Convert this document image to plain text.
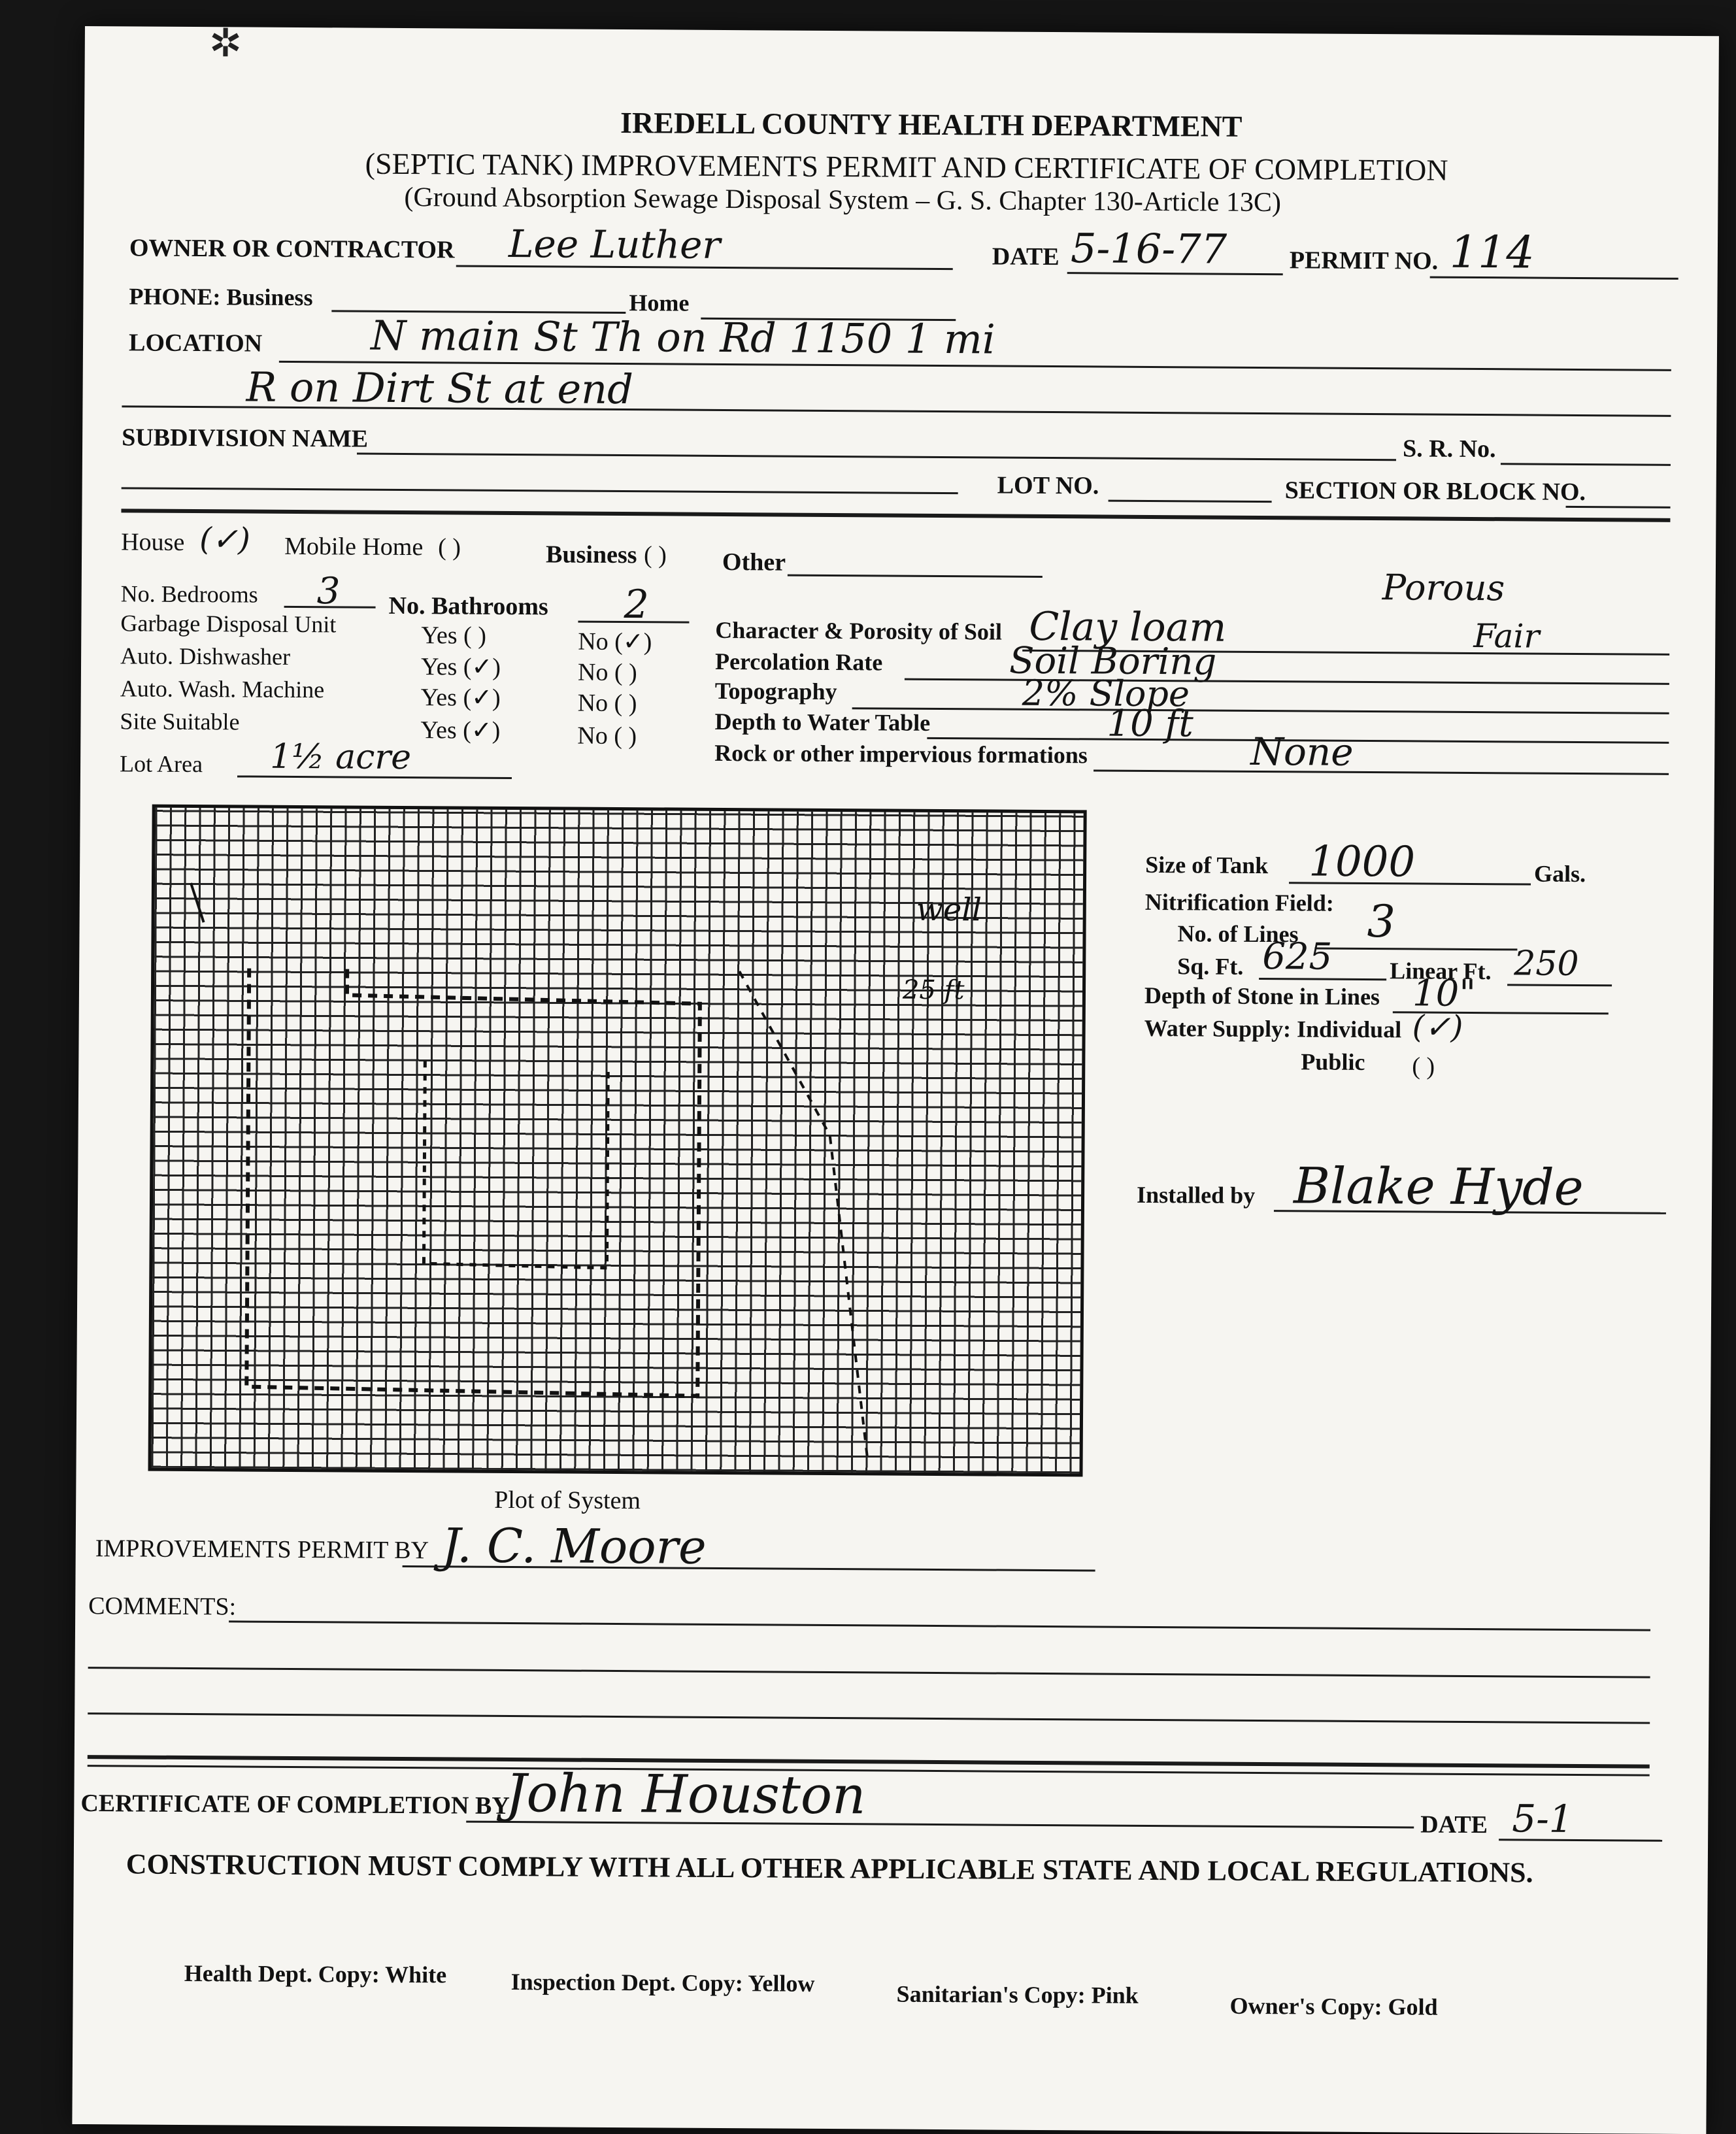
✲
IREDELL COUNTY HEALTH DEPARTMENT
(SEPTIC TANK) IMPROVEMENTS PERMIT AND CERTIFICATE OF COMPLETION
(Ground Absorption Sewage Disposal System – G. S. Chapter 130-Article 13C)
OWNER OR CONTRACTOR Lee Luther	DATE 5-16-77	PERMIT NO. 114
PHONE: Business	Home
LOCATION	N main St Th on Rd 1150 1 mi
R on Dirt St at end
SUBDIVISION NAME	S. R. No.
LOT NO.	SECTION OR BLOCK NO.
House (✓) Mobile Home ( )	Business ( ) Other
No. Bedrooms 3 No. Bathrooms 2
Garbage Disposal Unit	Yes ( )	No (✓)
Auto. Dishwasher	Yes (✓)	No ( )
Auto. Wash. Machine	Yes (✓)	No ( )
Site Suitable	Yes (✓)	No ( )
Lot Area 1½ acre
Porous
Character & Porosity of Soil Clay loam	Fair
Percolation Rate	Soil Boring
Topography	2% Slope
Depth to Water Table	10 ft
Rock or other impervious formations	None
well
25 ft
Plot of System
Size of Tank 1000	Gals.
Nitrification Field:
No. of Lines 3
Sq. Ft. 625 Linear Ft. 250
Depth of Stone in Lines 10"
Water Supply: Individual (✓)
Public ( )
Installed by Blake Hyde
IMPROVEMENTS PERMIT BY J. C. Moore
COMMENTS:
CERTIFICATE OF COMPLETION BY
John Houston	DATE 5-1
CONSTRUCTION MUST COMPLY WITH ALL OTHER APPLICABLE STATE AND LOCAL REGULATIONS.
Health Dept. Copy: White	Inspection Dept. Copy: Yellow	Sanitarian's Copy: Pink	Owner's Copy: Gold
